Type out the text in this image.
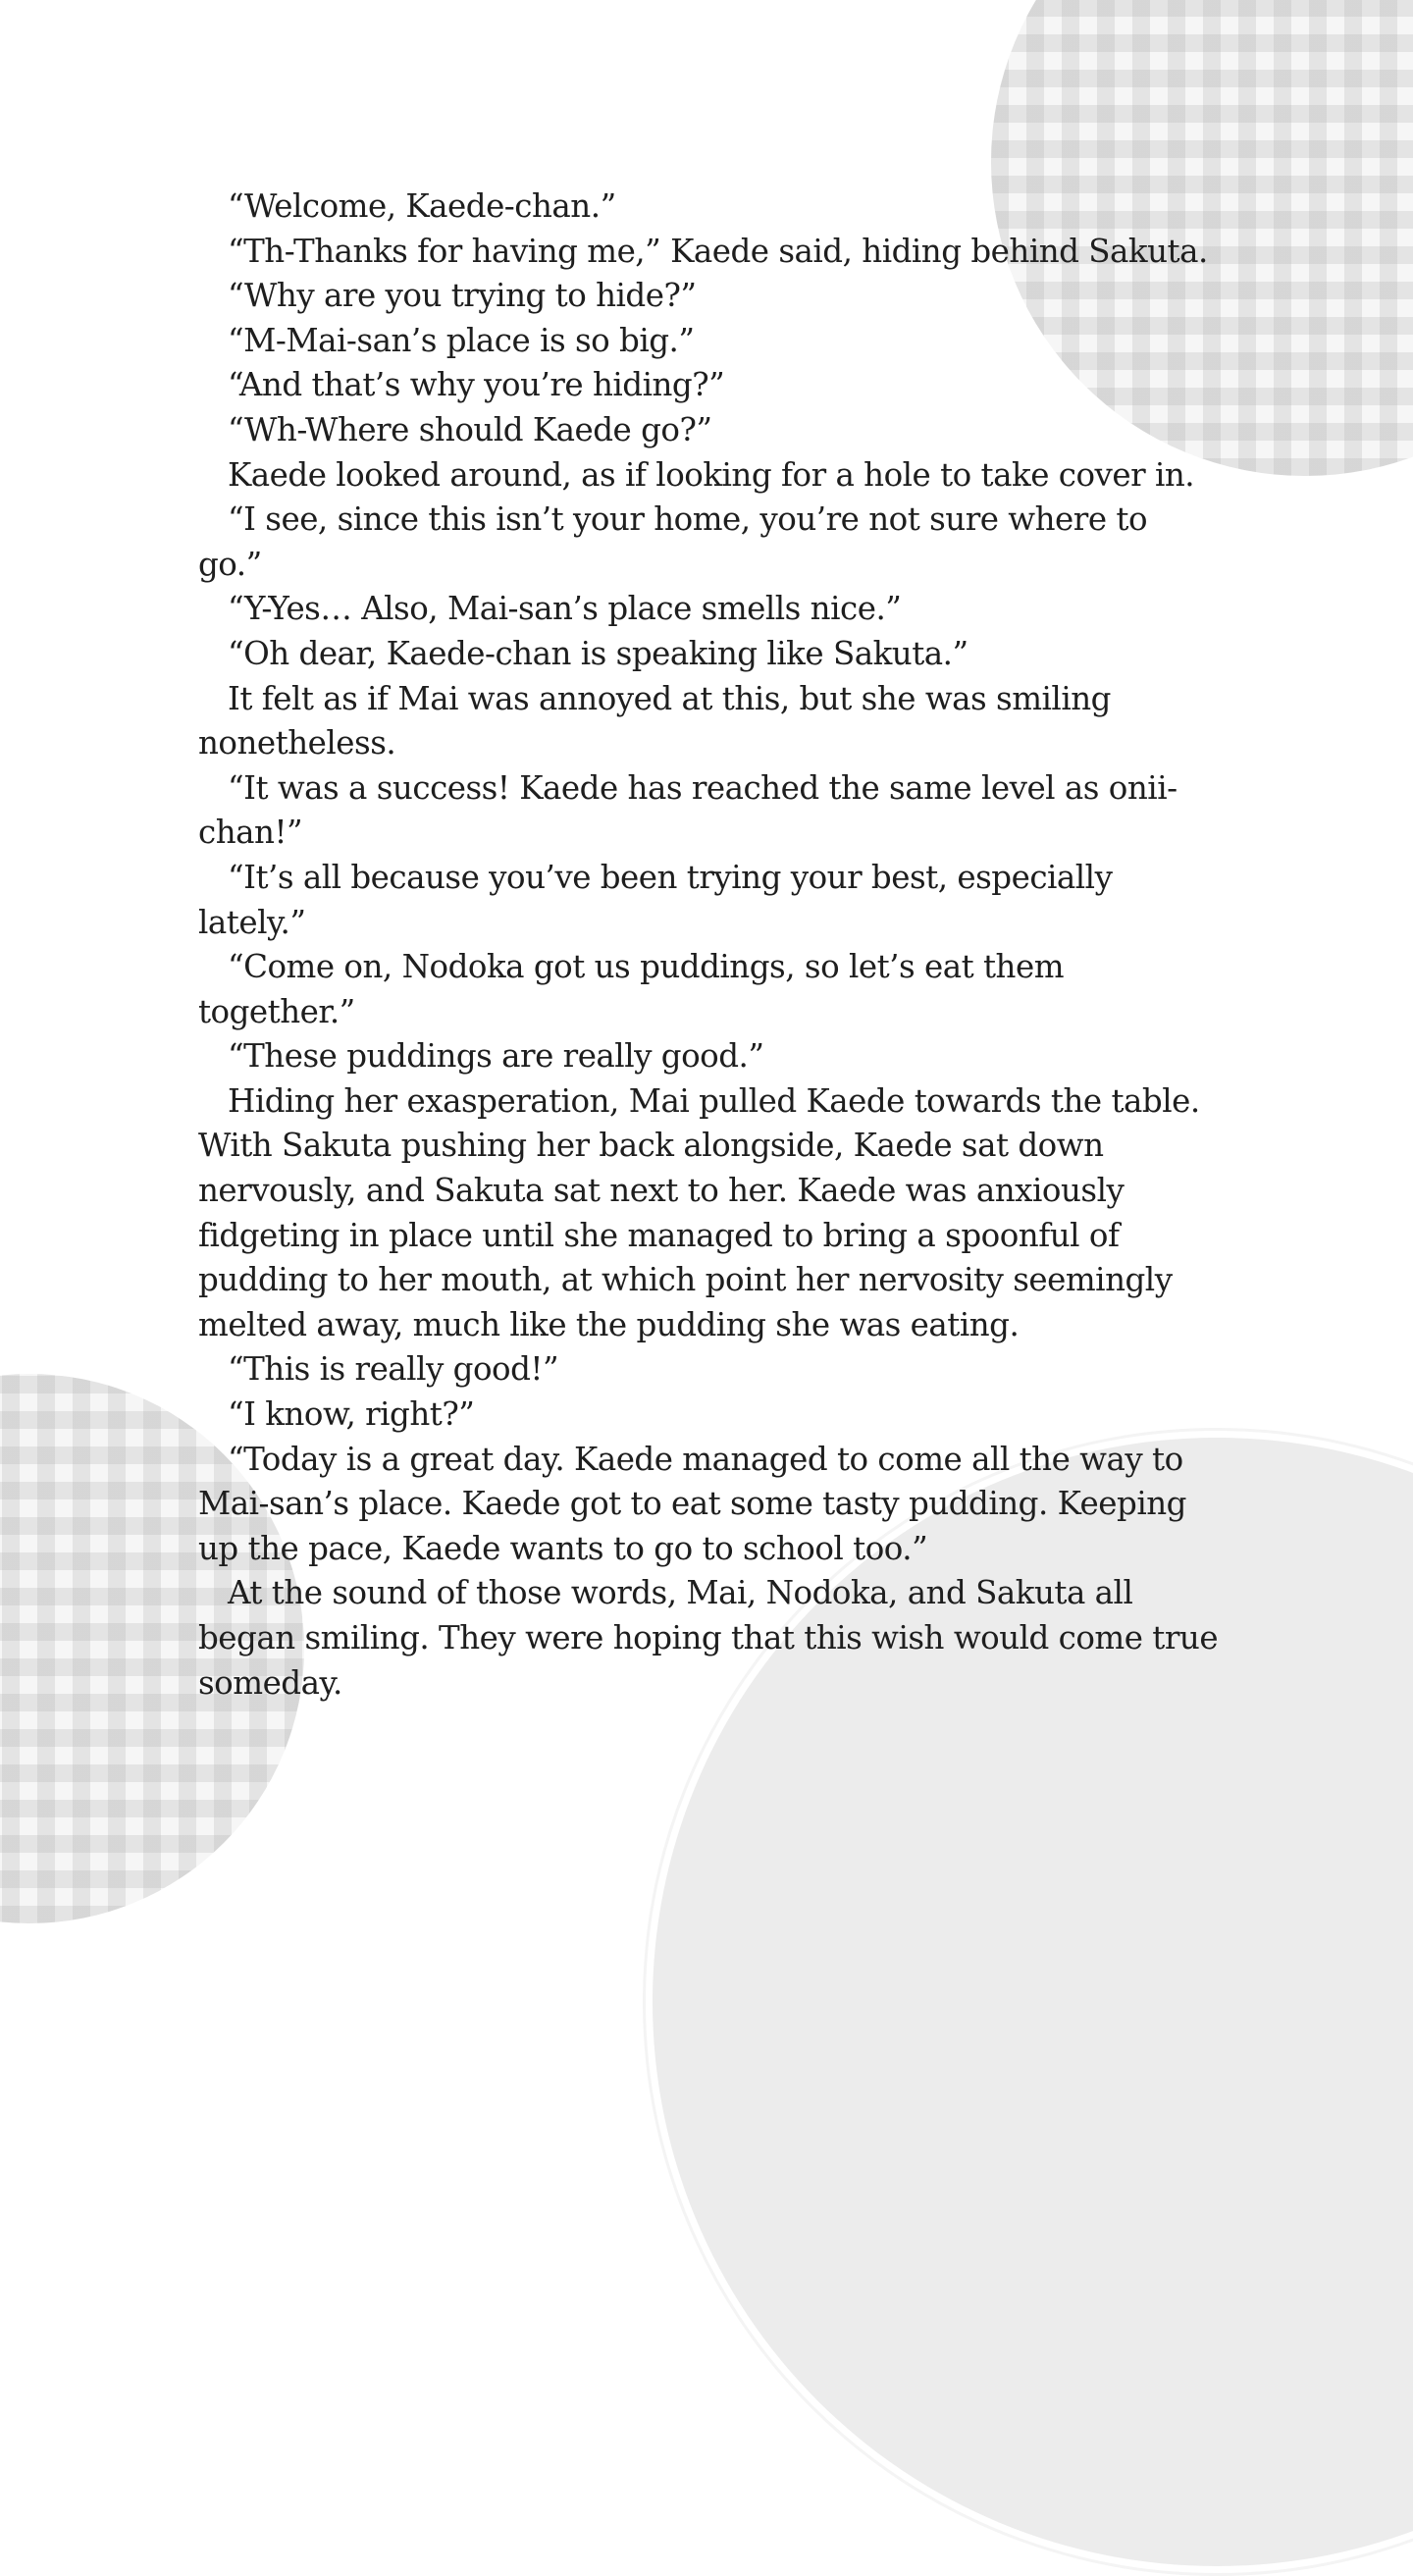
“Welcome, Kaede-chan.”

“Th-Thanks for having me,” Kaede said, hiding behind Sakuta.

“Why are you trying to hide?”

“M-Mai-san’s place is so big.”

“And that’s why you’re hiding?”

“Wh-Where should Kaede go?”

Kaede looked around, as if looking for a hole to take cover in.

“I see, since this isn’t your home, you’re not sure where to go.”

“Y-Yes… Also, Mai-san’s place smells nice.”

“Oh dear, Kaede-chan is speaking like Sakuta.”

It felt as if Mai was annoyed at this, but she was smiling nonetheless.

“It was a success! Kaede has reached the same level as onii-chan!”

“It’s all because you’ve been trying your best, especially lately.”

“Come on, Nodoka got us puddings, so let’s eat them together.”

“These puddings are really good.”

Hiding her exasperation, Mai pulled Kaede towards the table. With Sakuta pushing her back alongside, Kaede sat down nervously, and Sakuta sat next to her. Kaede was anxiously fidgeting in place until she managed to bring a spoonful of pudding to her mouth, at which point her nervosity seemingly melted away, much like the pudding she was eating.

“This is really good!”

“I know, right?”

“Today is a great day. Kaede managed to come all the way to Mai-san’s place. Kaede got to eat some tasty pudding. Keeping up the pace, Kaede wants to go to school too.”

At the sound of those words, Mai, Nodoka, and Sakuta all began smiling. They were hoping that this wish would come true someday.
